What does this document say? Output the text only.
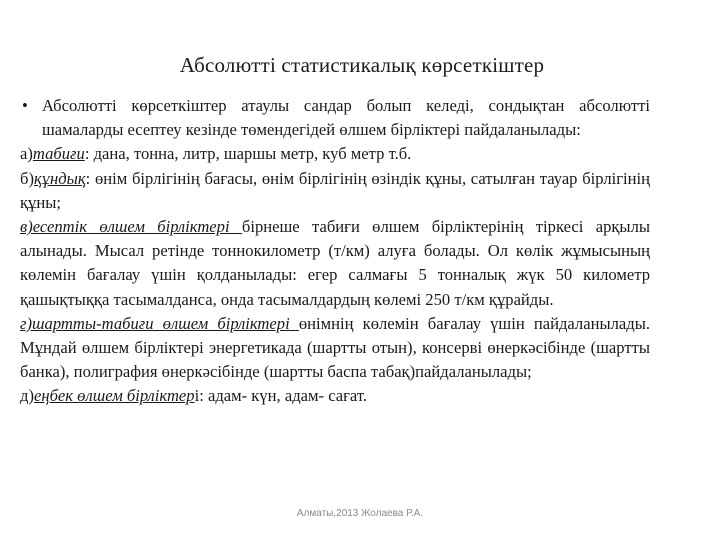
Абсолютті статистикалық көрсеткіштер
• Абсолютті көрсеткіштер атаулы сандар болып келеді, сондықтан абсолютті шамаларды есептеу кезінде төмендегідей өлшем бірліктері пайдаланылады:
а)табиғи: дана, тонна, литр, шаршы метр, куб метр т.б.
б)құндық: өнім бірлігінің бағасы, өнім бірлігінің өзіндік құны, сатылған тауар бірлігінің құны;
в)есептік өлшем бірліктері бірнеше табиғи өлшем бірліктерінің тіркесі арқылы алынады. Мысал ретінде тоннокилометр (т/км) алуға болады. Ол көлік жұмысының көлемін бағалау үшін қолданылады: егер салмағы 5 тонналық жүк 50 километр қашықтыққа тасымалданса, онда тасымалдардың көлемі 250 т/км құрайды.
г)шартты-табиғи өлшем бірліктері өнімнің көлемін бағалау үшін пайдаланылады. Мұндай өлшем бірліктері энергетикада (шартты отын), консерві өнеркәсібінде (шартты банка), полиграфия өнеркәсібінде (шартты баспа табақ)пайдаланылады;
д)еңбек өлшем бірліктері: адам- күн, адам- сағат.
Алматы,2013 Жолаева Р.А.
